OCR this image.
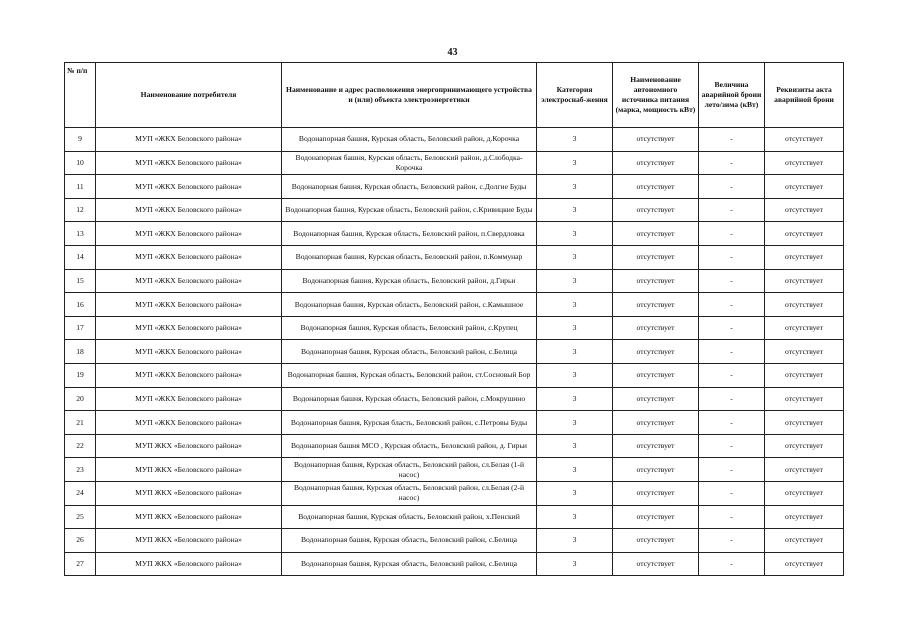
43
№ п/п	Наименование потребителя	Наименование и адрес расположения энергопринимающего устройства и (или) объекта электроэнергетики	Категория электроснаб-жения	Наименование автономного источника питания (марка, мощность кВт)	Величина аварийной брони лето/зима (кВт)	Реквизиты акта аварийной брони
9	МУП «ЖКХ Беловского района»	Водонапорная башня, Курская область, Беловский район, д.Корочка	3	отсутствует	-	отсутствует
10	МУП «ЖКХ Беловского района»	Водонапорная башня, Курская область, Беловский район, д.Слободка-Корочка	3	отсутствует	-	отсутствует
11	МУП «ЖКХ Беловского района»	Водонапорная башня, Курская область, Беловский район, с.Долгие Буды	3	отсутствует	-	отсутствует
12	МУП «ЖКХ Беловского района»	Водонапорная башня, Курская область, Беловский район, с.Кривицкие Буды	3	отсутствует	-	отсутствует
13	МУП «ЖКХ Беловского района»	Водонапорная башня, Курская область, Беловский район, п.Свердловка	3	отсутствует	-	отсутствует
14	МУП «ЖКХ Беловского района»	Водонапорная башня, Курская область, Беловский район, п.Коммунар	3	отсутствует	-	отсутствует
15	МУП «ЖКХ Беловского района»	Водонапорная башня, Курская область, Беловский район, д.Гирьи	3	отсутствует	-	отсутствует
16	МУП «ЖКХ Беловского района»	Водонапорная башня, Курская область, Беловский район, с.Камышное	3	отсутствует	-	отсутствует
17	МУП «ЖКХ Беловского района»	Водонапорная башня, Курская область, Беловский район, с.Крупец	3	отсутствует	-	отсутствует
18	МУП «ЖКХ Беловского района»	Водонапорная башня, Курская область, Беловский район, с.Белица	3	отсутствует	-	отсутствует
19	МУП «ЖКХ Беловского района»	Водонапорная башня, Курская область, Беловский район, ст.Сосновый Бор	3	отсутствует	-	отсутствует
20	МУП «ЖКХ Беловского района»	Водонапорная башня, Курская область, Беловский район, с.Мокрушино	3	отсутствует	-	отсутствует
21	МУП «ЖКХ Беловского района»	Водонапорная башня, Курская бласть, Беловский район, с.Петровы Буды	3	отсутствует	-	отсутствует
22	МУП ЖКХ «Беловского района»	Водонапорная башня МСО , Курская область, Беловский район, д. Гирьи	3	отсутствует	-	отсутствует
23	МУП ЖКХ «Беловского района»	Водонапорная башня, Курская область, Беловский район, сл.Белая (1-й насос)	3	отсутствует	-	отсутствует
24	МУП ЖКХ «Беловского района»	Водонапорная башня, Курская область, Беловский район, сл.Белая (2-й насос)	3	отсутствует	-	отсутствует
25	МУП ЖКХ «Беловского района»	Водонапорная башня, Курская область, Беловский район, х.Пенский	3	отсутствует	-	отсутствует
26	МУП ЖКХ «Беловского района»	Водонапорная башня, Курская область, Беловский район, с.Белица	3	отсутствует	-	отсутствует
27	МУП ЖКХ «Беловского района»	Водонапорная башня, Курская область, Беловский район, с.Белица	3	отсутствует	-	отсутствует
